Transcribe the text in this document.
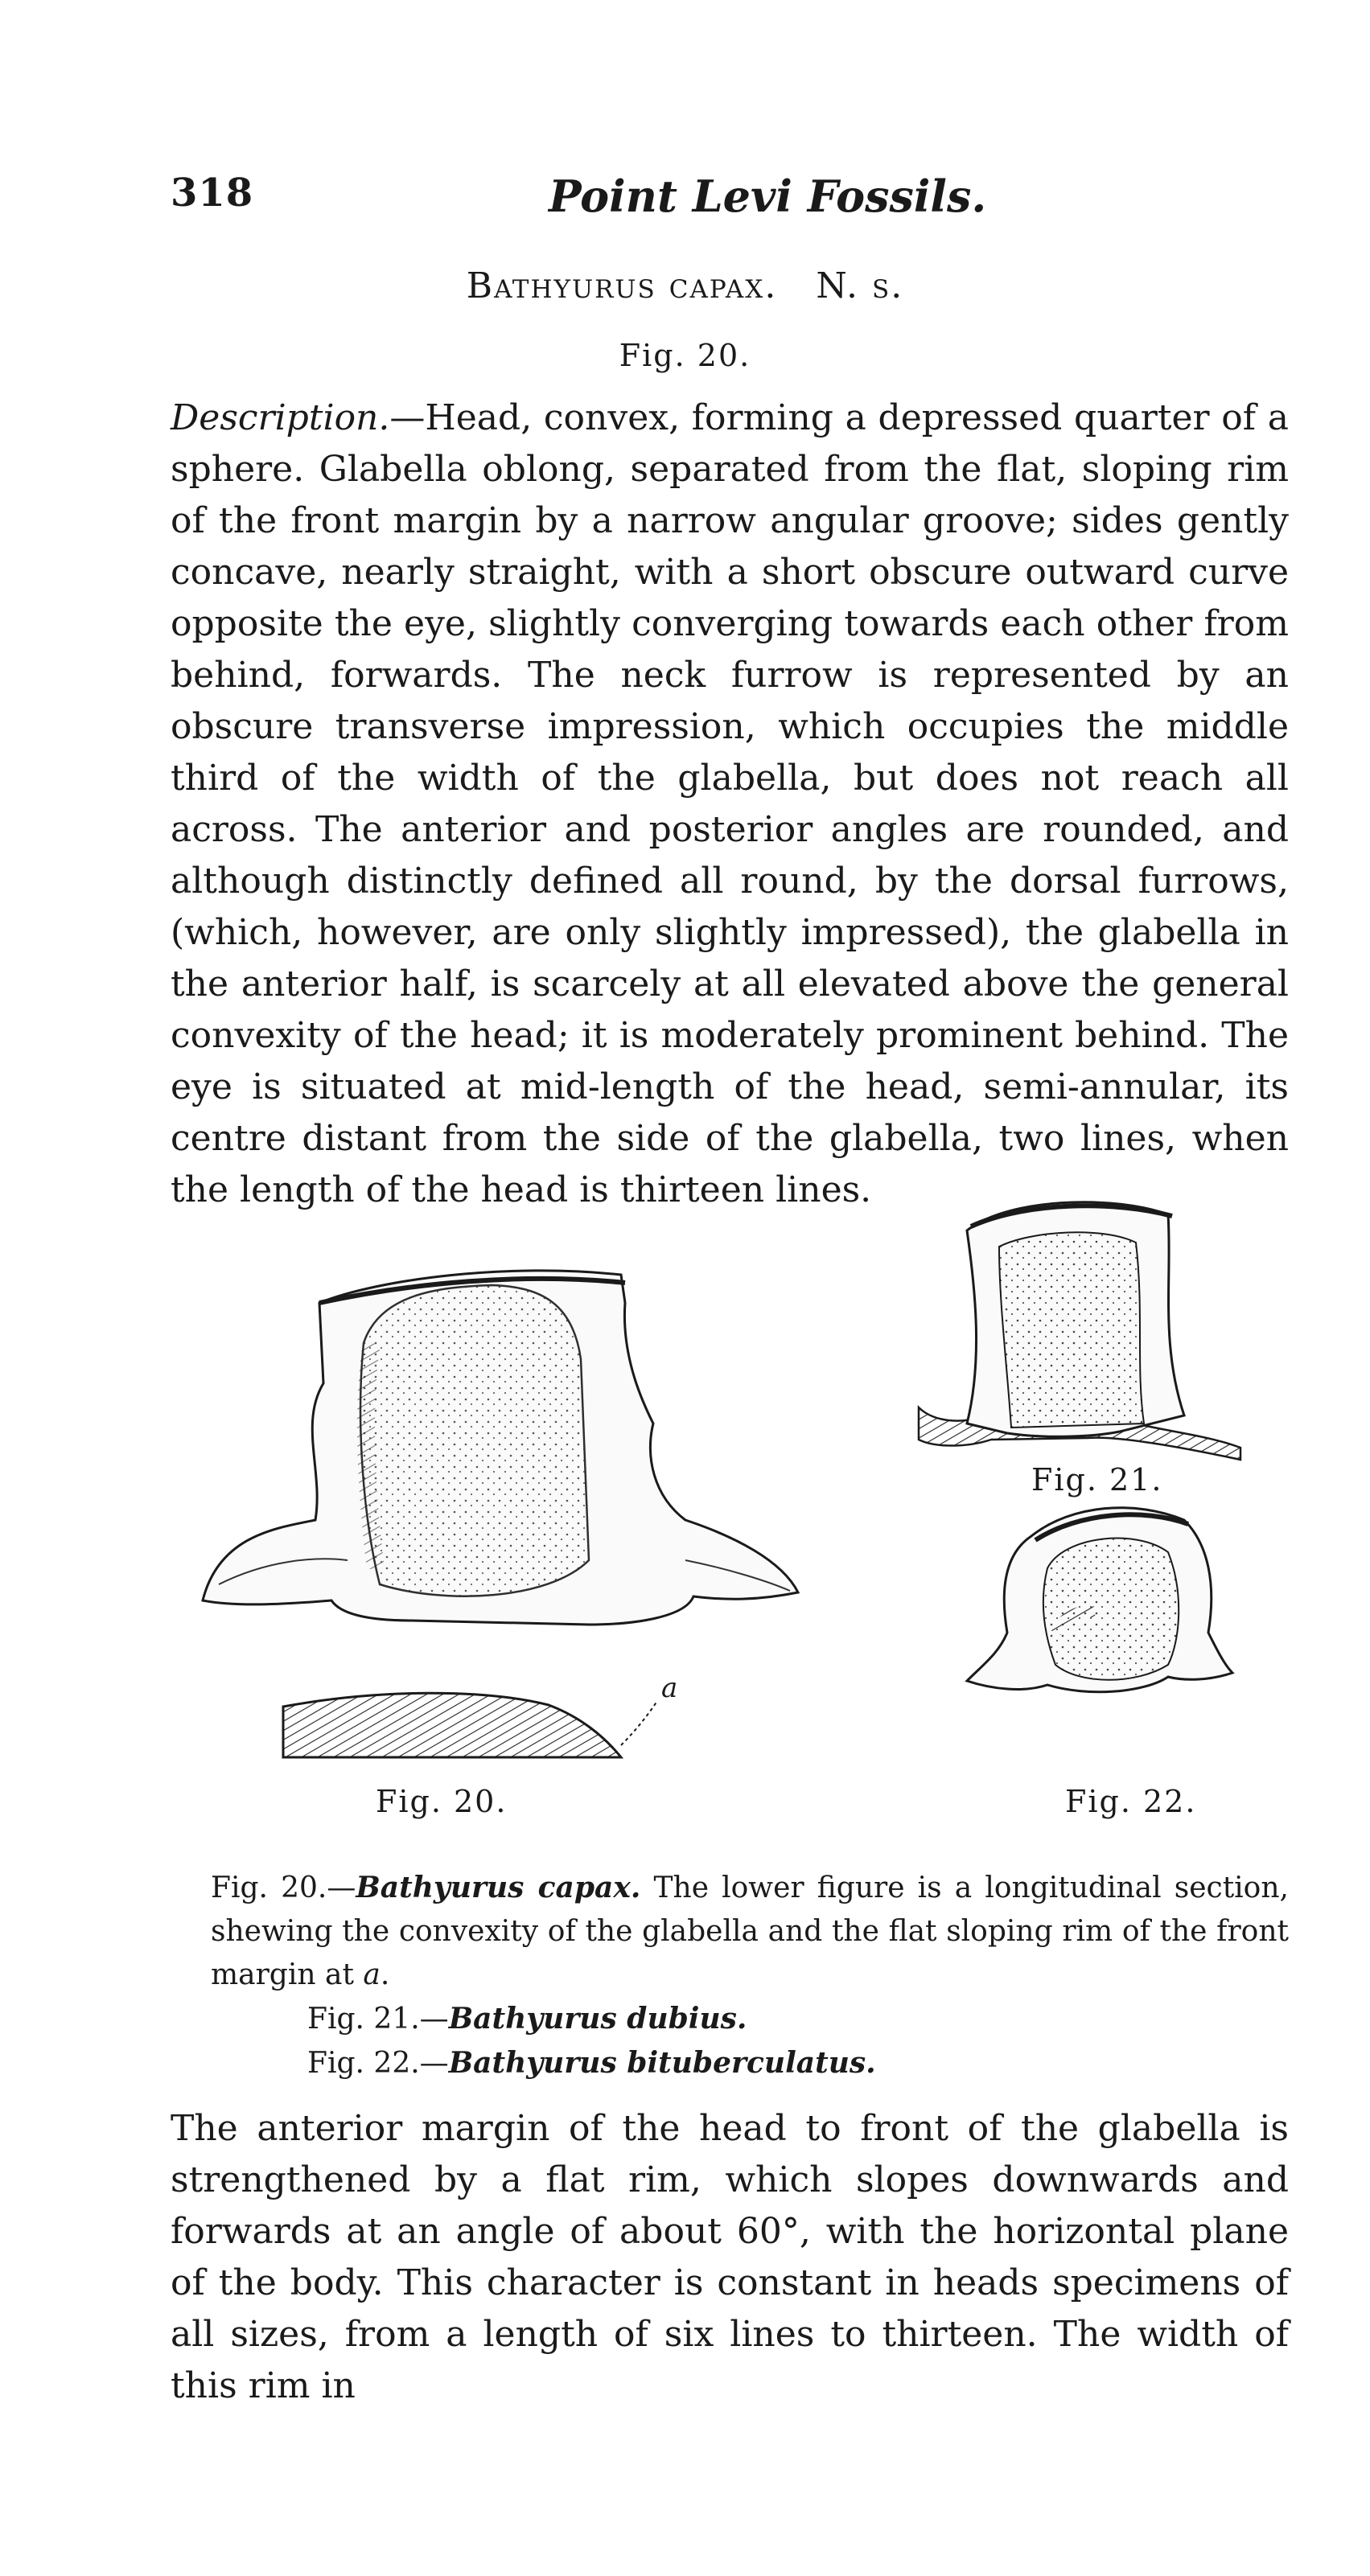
318	Point Levi Fossils.
Bathyurus capax. N. s.
Fig. 20.
Description.—Head, convex, forming a depressed quarter of a sphere. Glabella oblong, separated from the flat, sloping rim of the front margin by a narrow angular groove; sides gently concave, nearly straight, with a short obscure outward curve opposite the eye, slightly converging towards each other from behind, forwards. The neck furrow is represented by an obscure transverse impression, which occupies the middle third of the width of the glabella, but does not reach all across. The anterior and posterior angles are rounded, and although distinctly defined all round, by the dorsal furrows, (which, however, are only slightly impressed), the glabella in the anterior half, is scarcely at all elevated above the general convexity of the head; it is moderately prominent behind. The eye is situated at mid-length of the head, semi-annular, its centre distant from the side of the glabella, two lines, when the length of the head is thirteen lines.
a
Fig. 21.
Fig. 20.	Fig. 22.
Fig. 20.—Bathyurus capax. The lower figure is a longitudinal section, shewing the convexity of the glabella and the flat sloping rim of the front margin at a.
Fig. 21.—Bathyurus dubius.
Fig. 22.—Bathyurus bituberculatus.
The anterior margin of the head to front of the glabella is strengthened by a flat rim, which slopes downwards and forwards at an angle of about 60°, with the horizontal plane of the body. This character is constant in heads specimens of all sizes, from a length of six lines to thirteen. The width of this rim in
